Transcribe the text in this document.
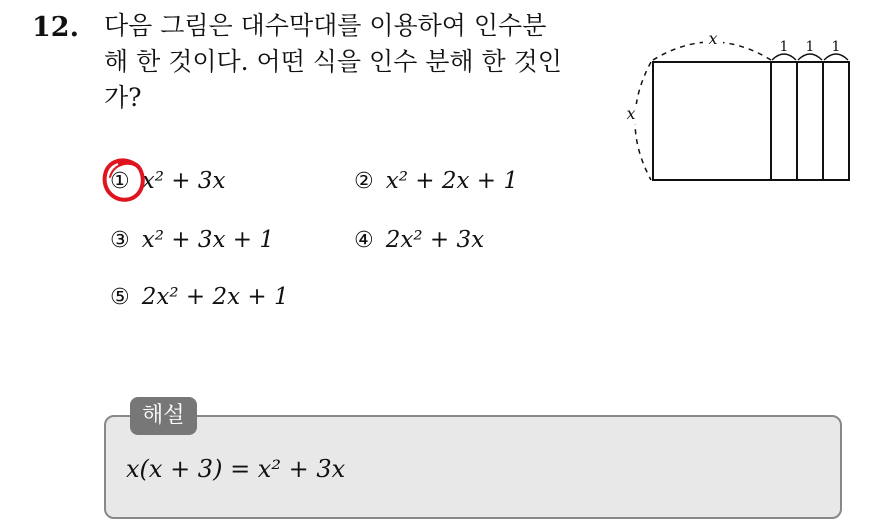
12. 다음 그림은 대수막대를 이용하여 인수분
해 한 것이다. 어떤 식을 인수 분해 한 것인
가?
① x² + 3x	② x² + 2x + 1
③ x² + 3x + 1	④ 2x² + 3x
⑤ 2x² + 2x + 1
x
x
1 1 1
해설
x(x + 3) = x² + 3x
